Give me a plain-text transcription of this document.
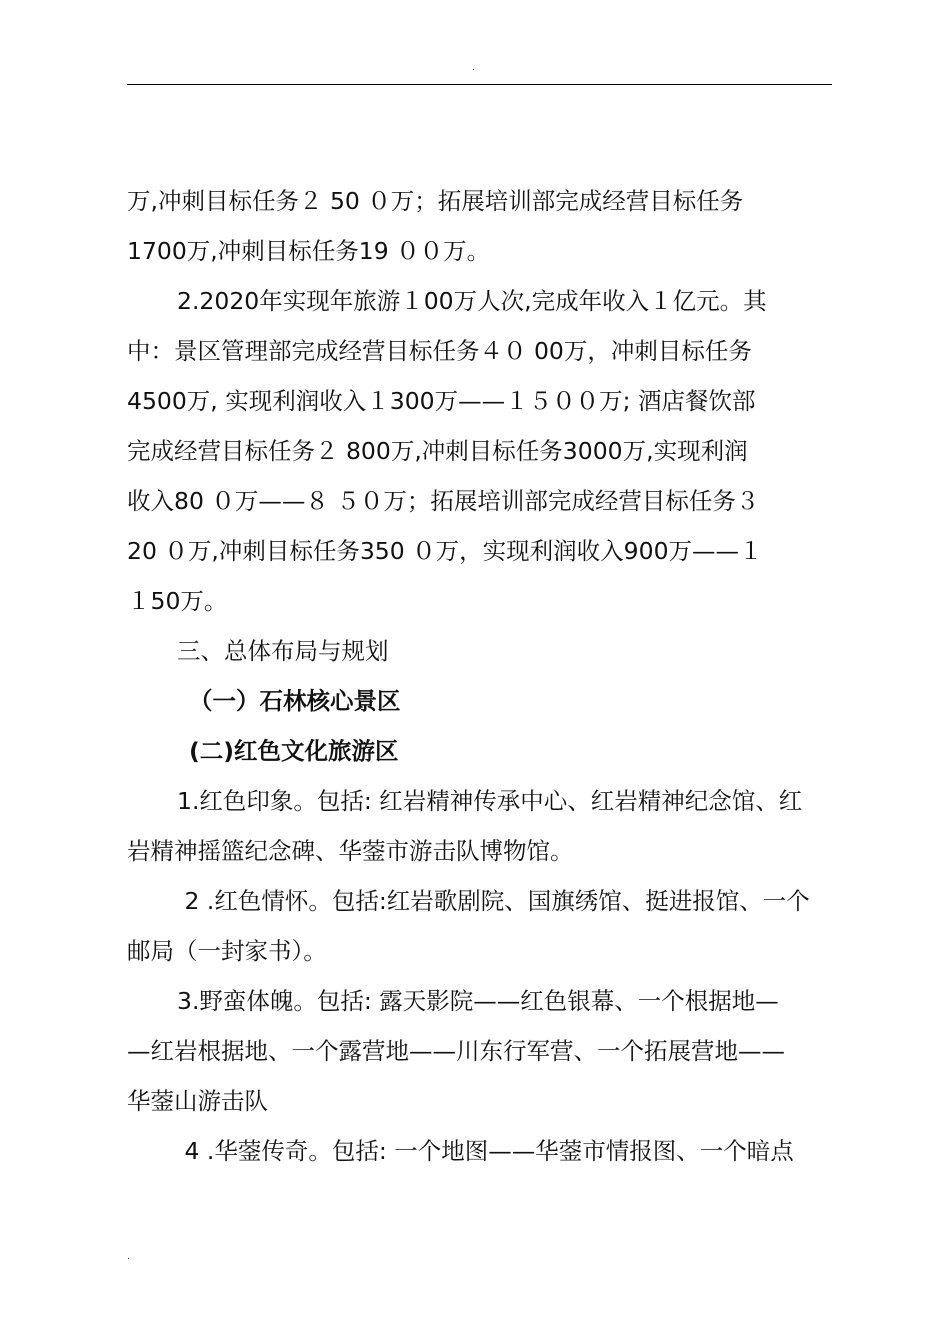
.
万,冲刺目标任务２ 50 ０万；拓展培训部完成经营目标任务
1700万,冲刺目标任务19 ００万。
2.2020年实现年旅游１00万人次,完成年收入１亿元。其
中：景区管理部完成经营目标任务４０ 00万，冲刺目标任务
4500万, 实现利润收入１300万——１５００万; 酒店餐饮部
完成经营目标任务２ 800万,冲刺目标任务3000万,实现利润
收入80 ０万——８ ５０万；拓展培训部完成经营目标任务３
20 ０万,冲刺目标任务350 ０万，实现利润收入900万——１
１50万。
三、总体布局与规划
（一）石林核心景区
(二)红色文化旅游区
1.红色印象。包括: 红岩精神传承中心、红岩精神纪念馆、红
岩精神摇篮纪念碑、华蓥市游击队博物馆。
2 .红色情怀。包括:红岩歌剧院、国旗绣馆、挺进报馆、一个
邮局（一封家书）。
3.野蛮体魄。包括: 露天影院——红色银幕、一个根据地—
—红岩根据地、一个露营地——川东行军营、一个拓展营地——
华蓥山游击队
4 .华蓥传奇。包括: 一个地图——华蓥市情报图、一个暗点
.
